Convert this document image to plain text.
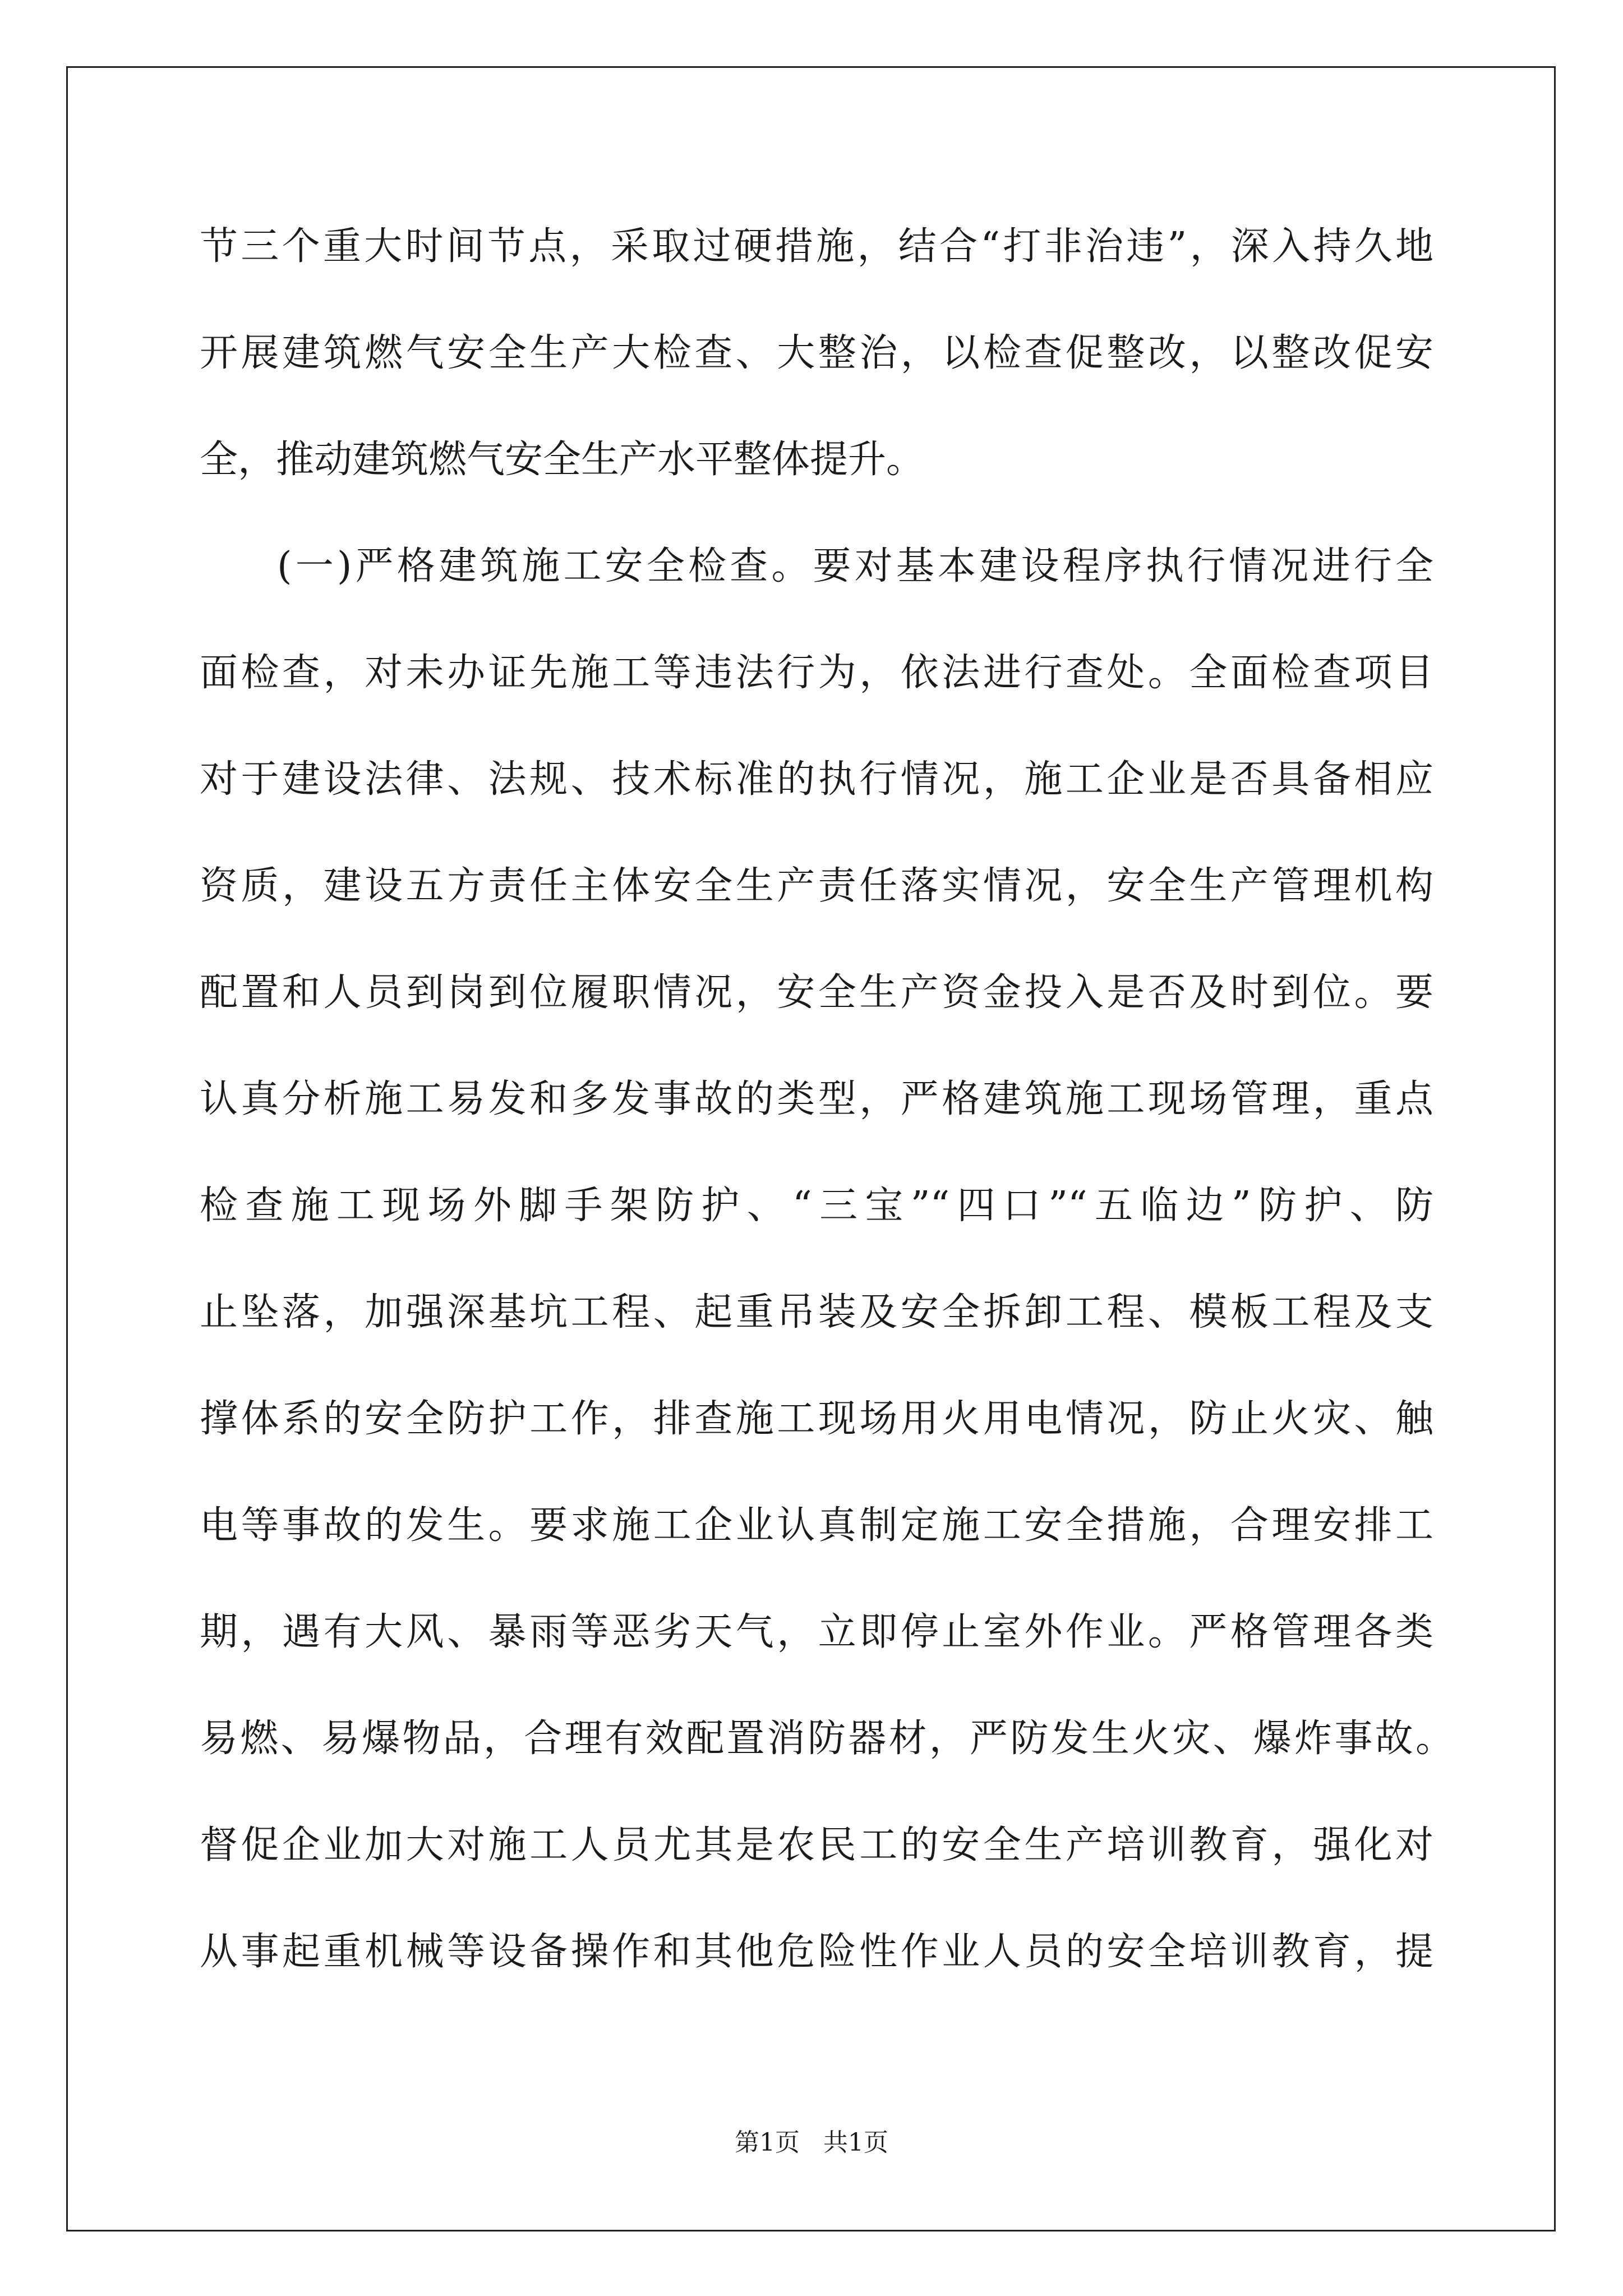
节三个重大时间节点，采取过硬措施，结合“打非治违”，深入持久地
开展建筑燃气安全生产大检查、大整治，以检查促整改，以整改促安
全，推动建筑燃气安全生产水平整体提升。
(一)严格建筑施工安全检查。要对基本建设程序执行情况进行全
面检查，对未办证先施工等违法行为，依法进行查处。全面检查项目
对于建设法律、法规、技术标准的执行情况，施工企业是否具备相应
资质，建设五方责任主体安全生产责任落实情况，安全生产管理机构
配置和人员到岗到位履职情况，安全生产资金投入是否及时到位。要
认真分析施工易发和多发事故的类型，严格建筑施工现场管理，重点
检查施工现场外脚手架防护、“三宝”“四口”“五临边”防护、防
止坠落，加强深基坑工程、起重吊装及安全拆卸工程、模板工程及支
撑体系的安全防护工作，排查施工现场用火用电情况，防止火灾、触
电等事故的发生。要求施工企业认真制定施工安全措施，合理安排工
期，遇有大风、暴雨等恶劣天气，立即停止室外作业。严格管理各类
易燃、易爆物品，合理有效配置消防器材，严防发生火灾、爆炸事故。
督促企业加大对施工人员尤其是农民工的安全生产培训教育，强化对
从事起重机械等设备操作和其他危险性作业人员的安全培训教育，提
第1页   共1页
